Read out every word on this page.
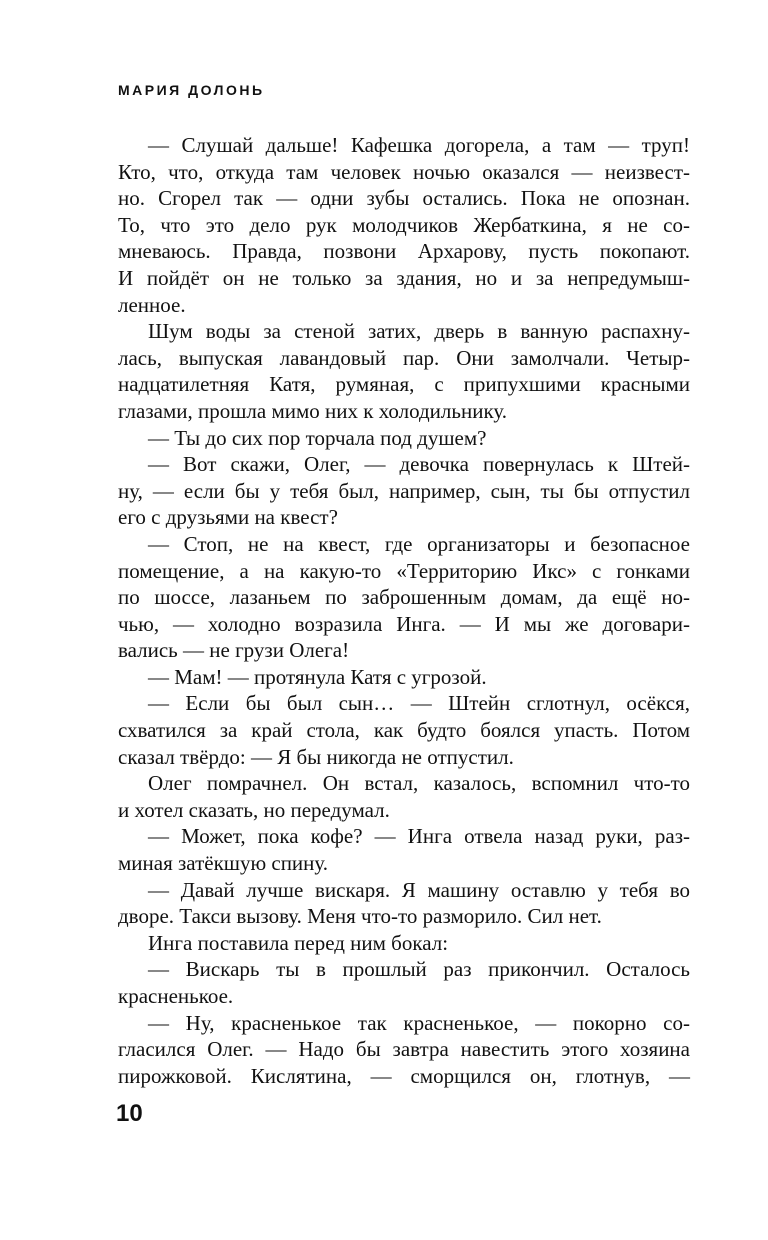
МАРИЯ ДОЛОНЬ
— Слушай дальше! Кафешка догорела, а там — труп!
Кто, что, откуда там человек ночью оказался — неизвест-
но. Сгорел так — одни зубы остались. Пока не опознан.
То, что это дело рук молодчиков Жербаткина, я не со-
мневаюсь. Правда, позвони Архарову, пусть покопают.
И пойдёт он не только за здания, но и за непредумыш-
ленное.
Шум воды за стеной затих, дверь в ванную распахну-
лась, выпуская лавандовый пар. Они замолчали. Четыр-
надцатилетняя Катя, румяная, с припухшими красными
глазами, прошла мимо них к холодильнику.
— Ты до сих пор торчала под душем?
— Вот скажи, Олег, — девочка повернулась к Штей-
ну, — если бы у тебя был, например, сын, ты бы отпустил
его с друзьями на квест?
— Стоп, не на квест, где организаторы и безопасное
помещение, а на какую-то «Территорию Икс» с гонками
по шоссе, лазаньем по заброшенным домам, да ещё но-
чью, — холодно возразила Инга. — И мы же договари-
вались — не грузи Олега!
— Мам! — протянула Катя с угрозой.
— Если бы был сын… — Штейн сглотнул, осёкся,
схватился за край стола, как будто боялся упасть. Потом
сказал твёрдо: — Я бы никогда не отпустил.
Олег помрачнел. Он встал, казалось, вспомнил что-то
и хотел сказать, но передумал.
— Может, пока кофе? — Инга отвела назад руки, раз-
миная затёкшую спину.
— Давай лучше вискаря. Я машину оставлю у тебя во
дворе. Такси вызову. Меня что-то разморило. Сил нет.
Инга поставила перед ним бокал:
— Вискарь ты в прошлый раз прикончил. Осталось
красненькое.
— Ну, красненькое так красненькое, — покорно со-
гласился Олег. — Надо бы завтра навестить этого хозяина
пирожковой. Кислятина, — сморщился он, глотнув, —
10
